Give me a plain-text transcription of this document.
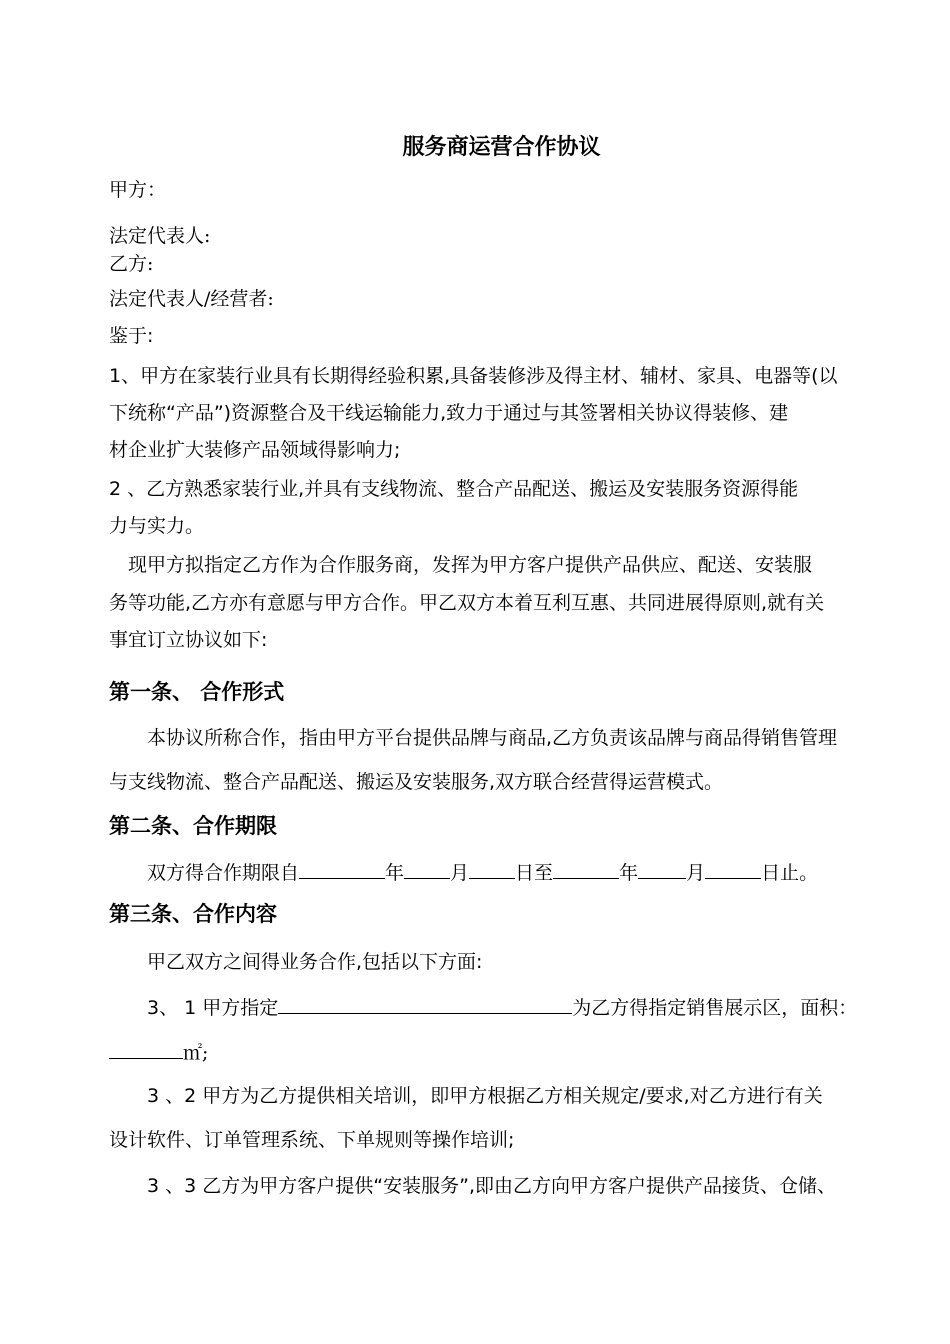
服务商运营合作协议
甲方：
法定代表人:
乙方:
法定代表人/经营者:
鉴于:
1、甲方在家装行业具有长期得经验积累,具备装修涉及得主材、辅材、家具、电器等(以
下统称“产品”)资源整合及干线运输能力,致力于通过与其签署相关协议得装修、建
材企业扩大装修产品领域得影响力;
2 、乙方熟悉家装行业,并具有支线物流、整合产品配送、搬运及安装服务资源得能
力与实力。
现甲方拟指定乙方作为合作服务商，发挥为甲方客户提供产品供应、配送、安装服
务等功能,乙方亦有意愿与甲方合作。甲乙双方本着互利互惠、共同进展得原则,就有关
事宜订立协议如下:
第一条、 合作形式
本协议所称合作，指由甲方平台提供品牌与商品,乙方负责该品牌与商品得销售管理
与支线物流、整合产品配送、搬运及安装服务,双方联合经营得运营模式。
第二条、合作期限
双方得合作期限自	年 月 日至	年	月	日止。
第三条、合作内容
甲乙双方之间得业务合作,包括以下方面:
3、 1 甲方指定	为乙方得指定销售展示区，面积：
㎡;
3 、2 甲方为乙方提供相关培训，即甲方根据乙方相关规定/要求,对乙方进行有关
设计软件、订单管理系统、下单规则等操作培训;
3 、3 乙方为甲方客户提供“安装服务”,即由乙方向甲方客户提供产品接货、仓储、
